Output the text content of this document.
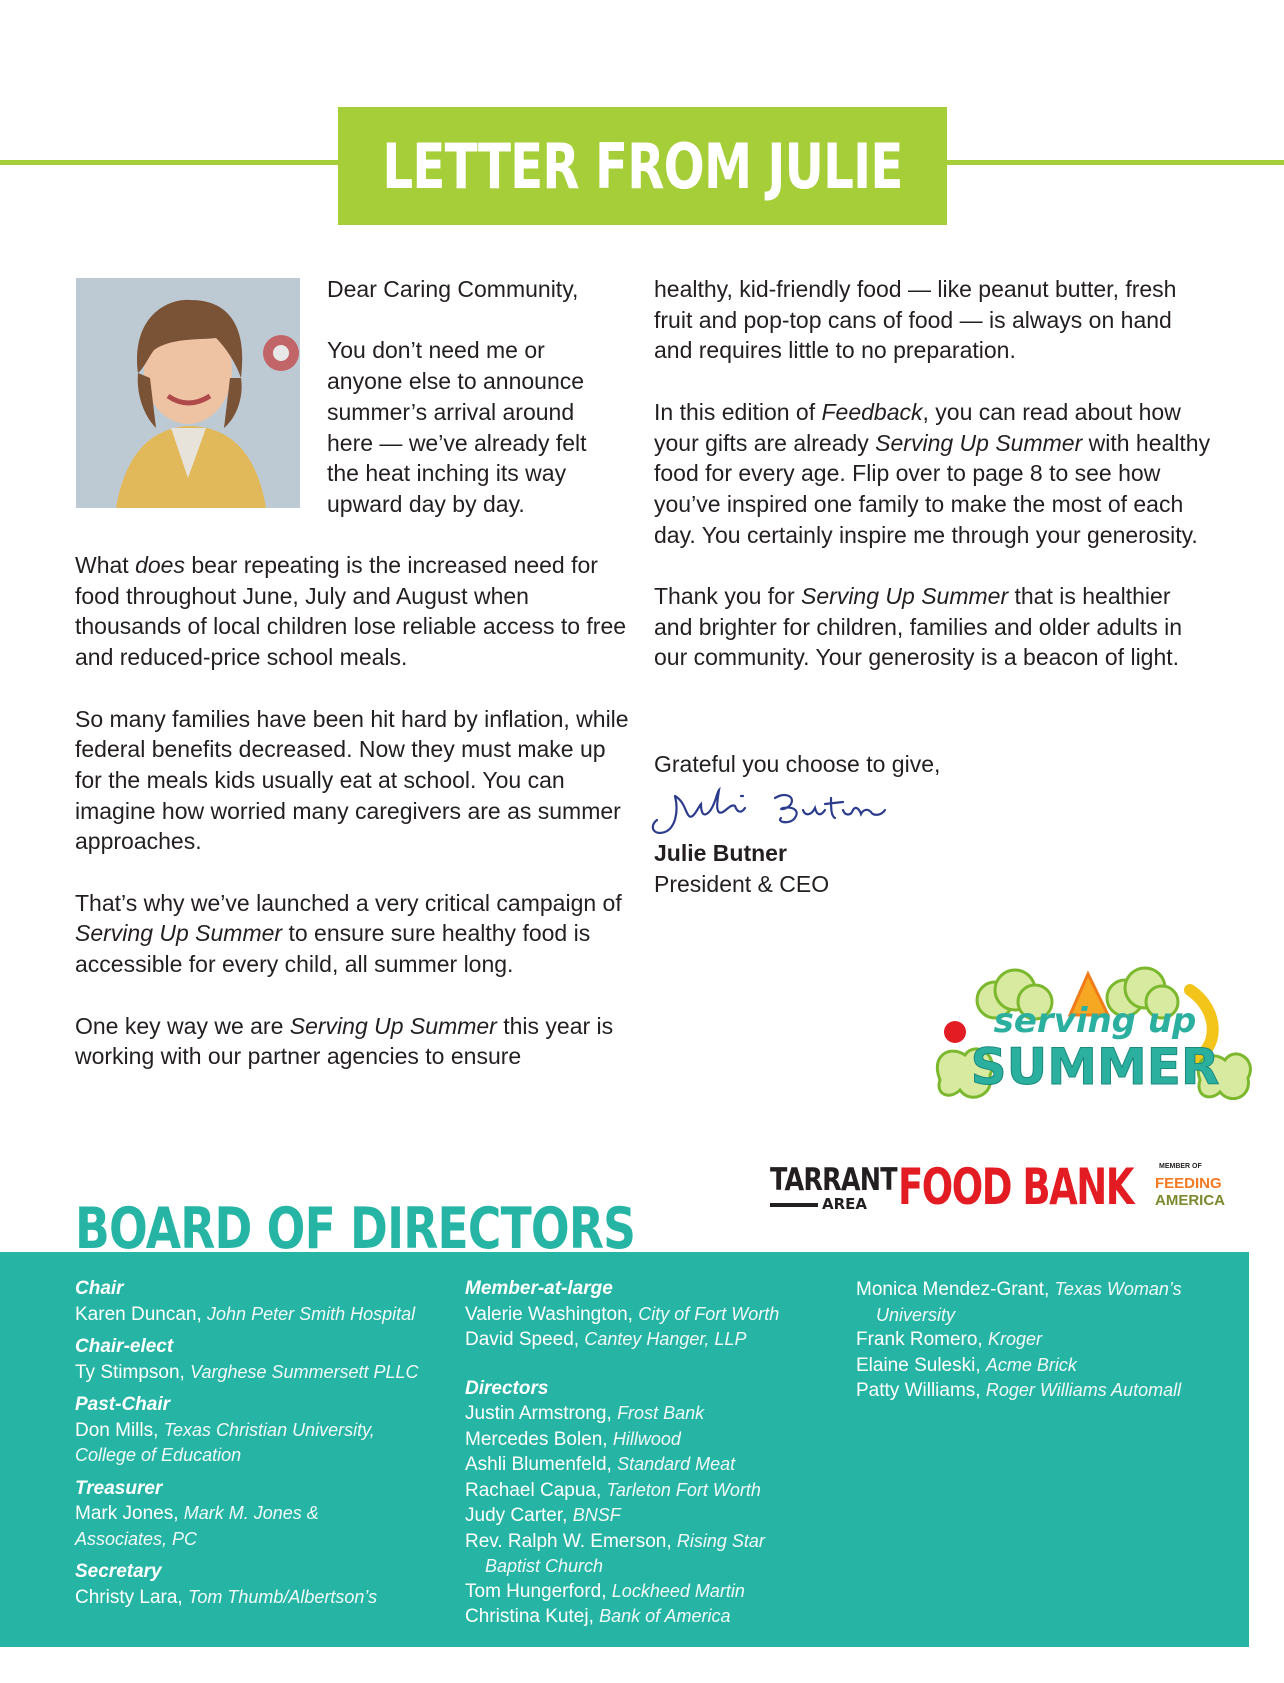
LETTER FROM JULIE

Dear Caring Community,

You don’t need me or anyone else to announce summer’s arrival around here — we’ve already felt the heat inching its way upward day by day.

What does bear repeating is the increased need for food throughout June, July and August when thousands of local children lose reliable access to free and reduced-price school meals.

So many families have been hit hard by inflation, while federal benefits decreased. Now they must make up for the meals kids usually eat at school. You can imagine how worried many caregivers are as summer approaches.

That’s why we’ve launched a very critical campaign of Serving Up Summer to ensure sure healthy food is accessible for every child, all summer long.

One key way we are Serving Up Summer this year is working with our partner agencies to ensure

healthy, kid-friendly food — like peanut butter, fresh fruit and pop-top cans of food — is always on hand and requires little to no preparation.

In this edition of Feedback, you can read about how your gifts are already Serving Up Summer with healthy food for every age. Flip over to page 8 to see how you’ve inspired one family to make the most of each day. You certainly inspire me through your generosity.

Thank you for Serving Up Summer that is healthier and brighter for children, families and older adults in our community. Your generosity is a beacon of light.

Grateful you choose to give,
Julie Butner
President & CEO
serving up
SUMMER
TARRANT
AREA FOOD BANK	MEMBER OF
FEEDING
AMERICA
BOARD OF DIRECTORS
Chair
Karen Duncan, John Peter Smith Hospital
Chair-elect
Ty Stimpson, Varghese Summersett PLLC
Past-Chair
Don Mills, Texas Christian University,
College of Education
Treasurer
Mark Jones, Mark M. Jones &
Associates, PC
Secretary
Christy Lara, Tom Thumb/Albertson’s
Member-at-large
Valerie Washington, City of Fort Worth
David Speed, Cantey Hanger, LLP
Directors
Justin Armstrong, Frost Bank
Mercedes Bolen, Hillwood
Ashli Blumenfeld, Standard Meat
Rachael Capua, Tarleton Fort Worth
Judy Carter, BNSF
Rev. Ralph W. Emerson, Rising Star
Baptist Church
Tom Hungerford, Lockheed Martin
Christina Kutej, Bank of America
Monica Mendez-Grant, Texas Woman’s
University
Frank Romero, Kroger
Elaine Suleski, Acme Brick
Patty Williams, Roger Williams Automall
